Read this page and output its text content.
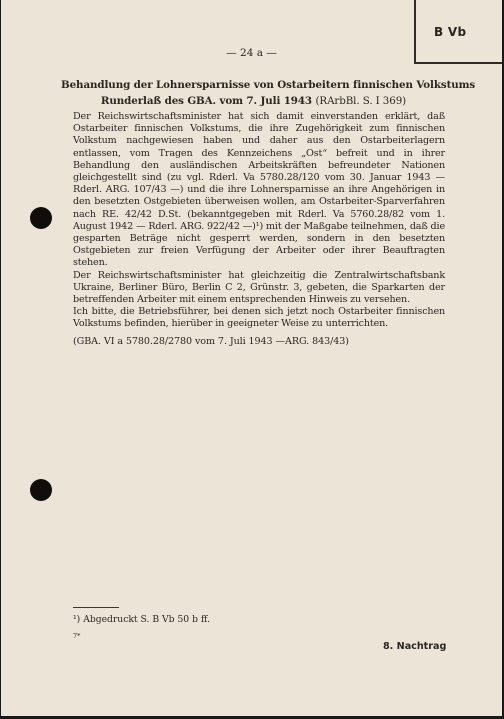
B Vb
— 24 a —
Behandlung der Lohnersparnisse von Ostarbeitern finnischen Volkstums
Runderlaß des GBA. vom 7. Juli 1943 (RArbBl. S. I 369)

Der Reichswirtschaftsminister hat sich damit einverstanden erklärt, daß Ostarbeiter finnischen Volkstums, die ihre Zugehörigkeit zum finnischen Volkstum nachgewiesen haben und daher aus den Ostarbeiterlagern entlassen, vom Tragen des Kennzeichens „Ost“ befreit und in ihrer Behandlung den ausländischen Arbeitskräften befreundeter Nationen gleichgestellt sind (zu vgl. Rderl. Va 5780.28/120 vom 30. Januar 1943 — Rderl. ARG. 107/43 —) und die ihre Lohnersparnisse an ihre Angehörigen in den besetzten Ostgebieten überweisen wollen, am Ostarbeiter-Sparverfahren nach RE. 42/42 D.St. (bekanntgegeben mit Rderl. Va 5760.28/82 vom 1. August 1942 — Rderl. ARG. 922/42 —)¹) mit der Maßgabe teilnehmen, daß die gesparten Beträge nicht gesperrt werden, sondern in den besetzten Ostgebieten zur freien Verfügung der Arbeiter oder ihrer Beauftragten stehen.

Der Reichswirtschaftsminister hat gleichzeitig die Zentralwirtschaftsbank Ukraine, Berliner Büro, Berlin C 2, Grünstr. 3, gebeten, die Sparkarten der betreffenden Arbeiter mit einem entsprechenden Hinweis zu versehen.

Ich bitte, die Betriebsführer, bei denen sich jetzt noch Ostarbeiter finnischen Volkstums befinden, hierüber in geeigneter Weise zu unterrichten.

(GBA. VI a 5780.28/2780 vom 7. Juli 1943 —ARG. 843/43)
¹) Abgedruckt S. B Vb 50 b ff.
7*
8. Nachtrag
